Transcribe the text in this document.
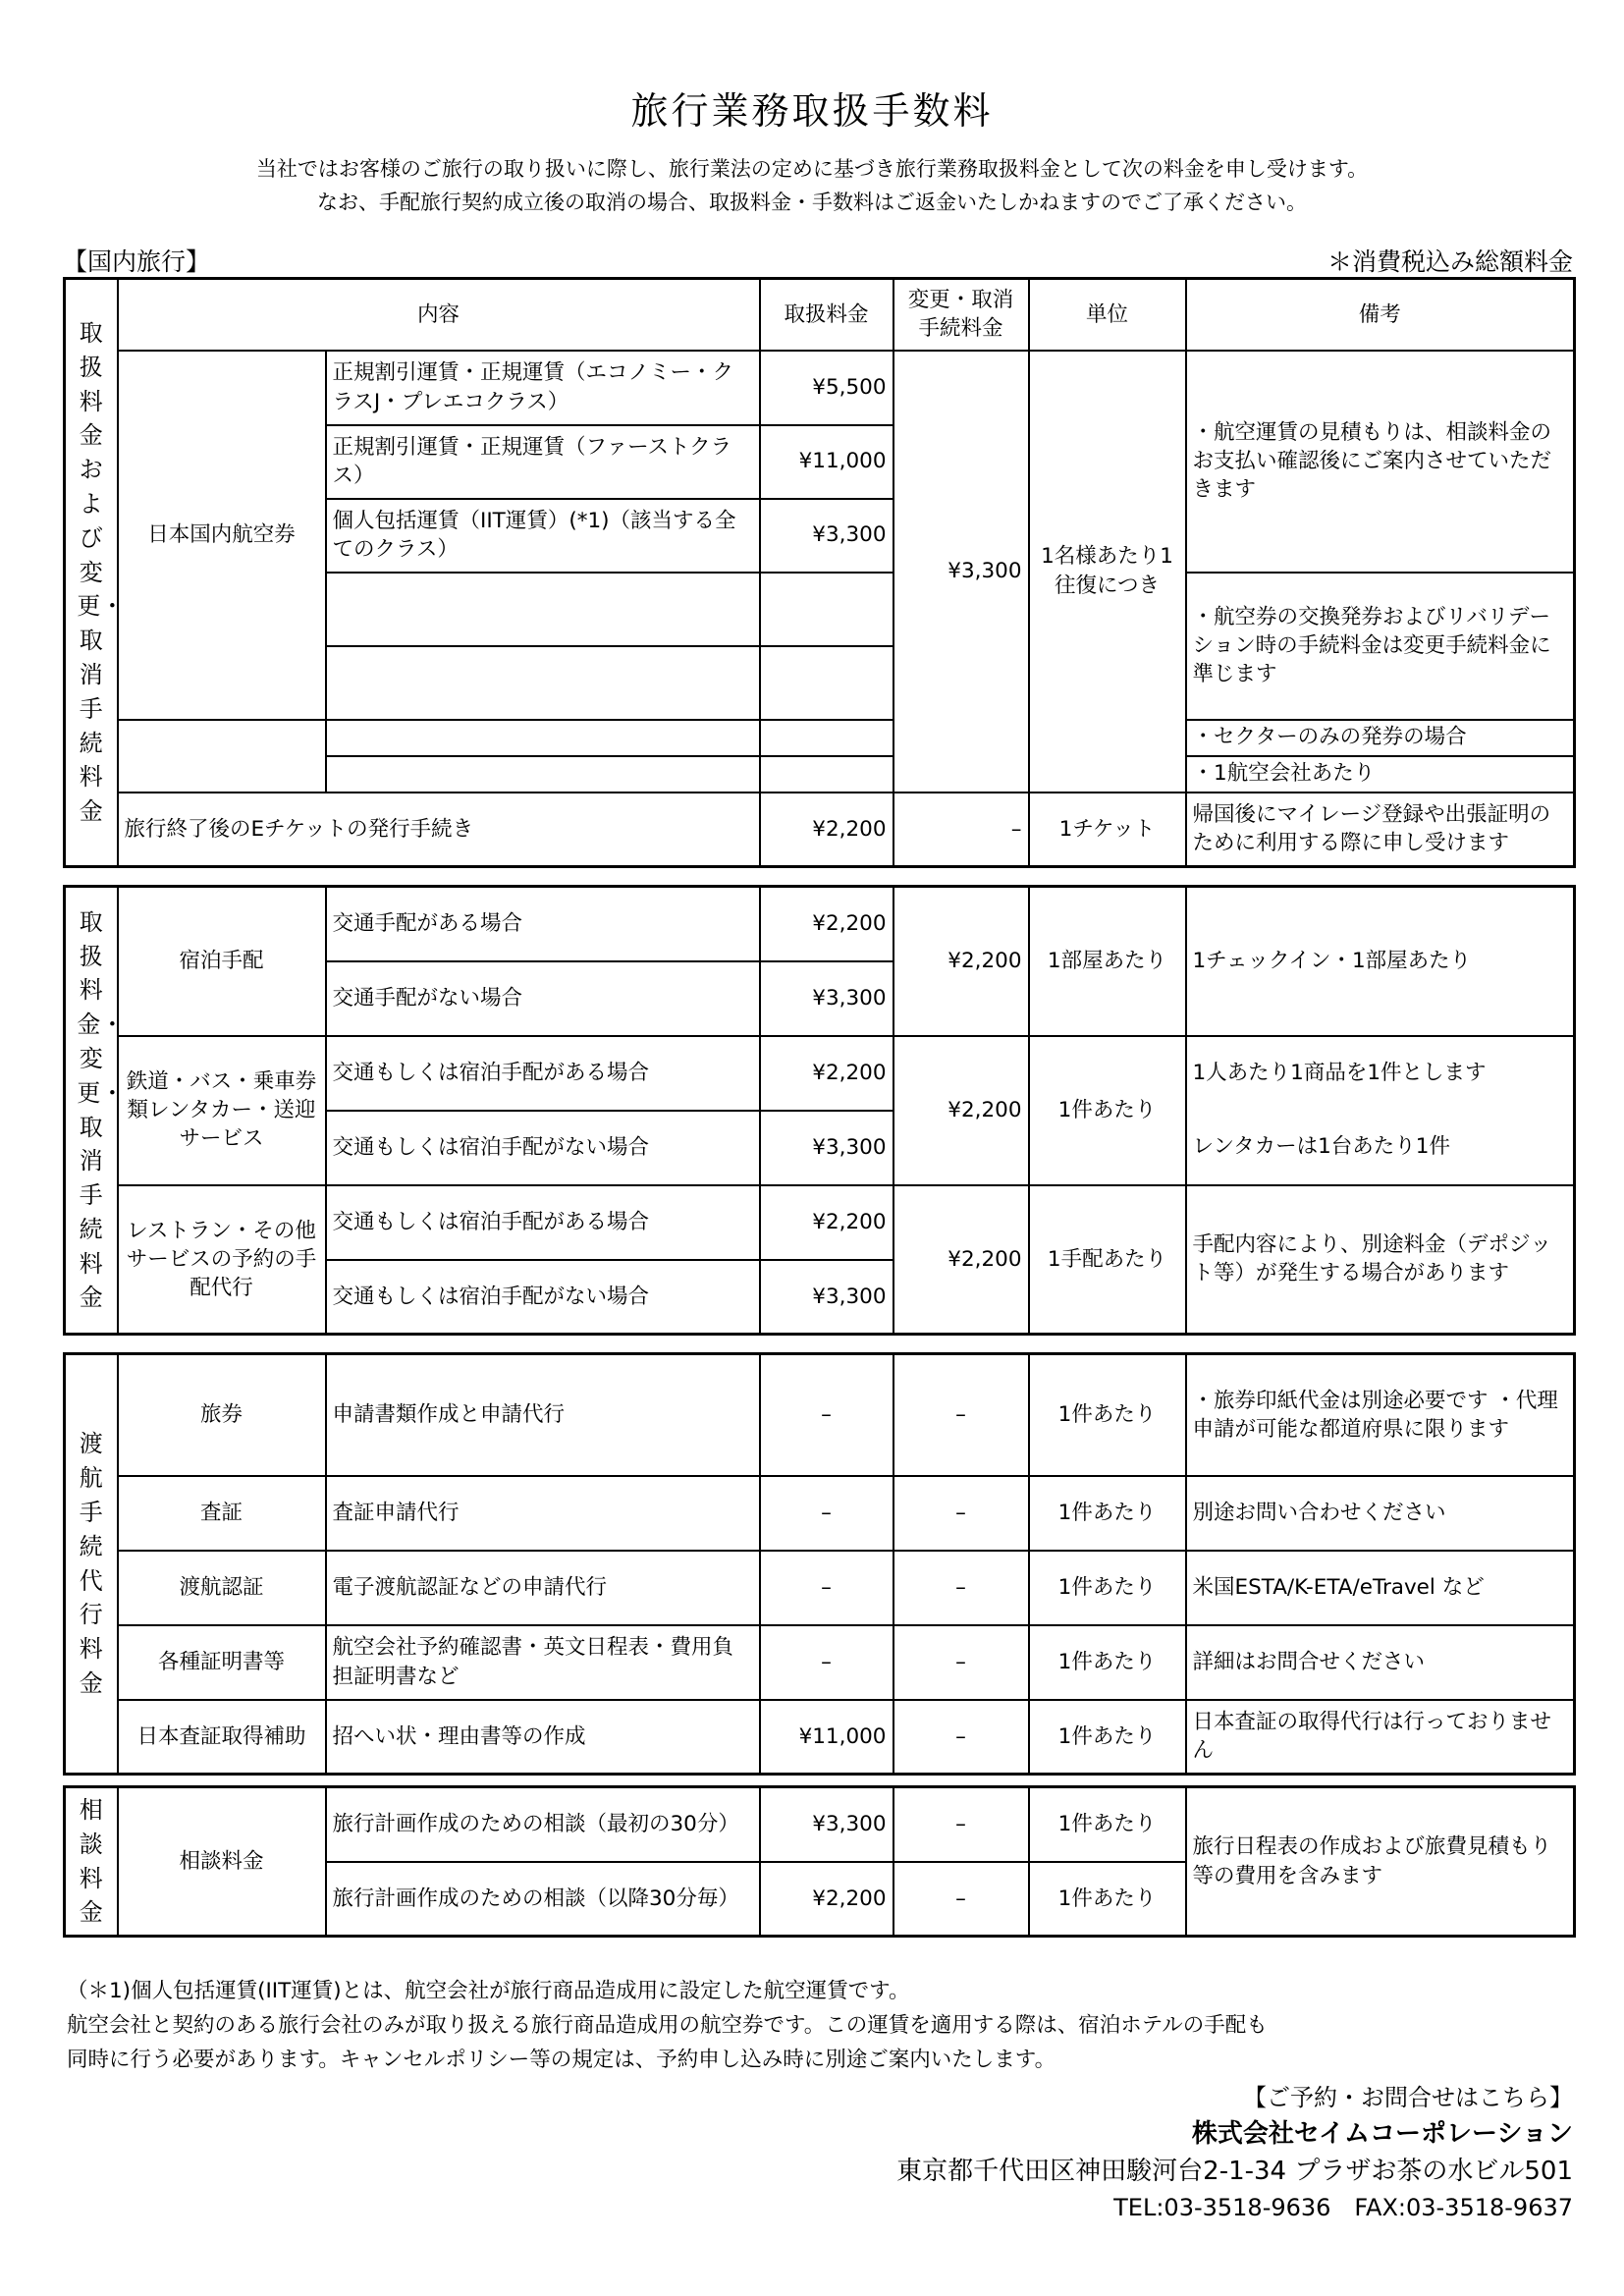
旅行業務取扱手数料
当社ではお客様のご旅行の取り扱いに際し、旅行業法の定めに基づき旅行業務取扱料金として次の料金を申し受けます。
なお、手配旅行契約成立後の取消の場合、取扱料金・手数料はご返金いたしかねますのでご了承ください。
【国内旅行】	＊消費税込み総額料金
取扱料金および変更・取消手続料金	内容		取扱料金	変更・取消手続料金	単位	備考
	日本国内航空券	正規割引運賃・正規運賃（エコノミー・クラスJ・プレエコクラス）	¥5,500	¥3,300	1名様あたり1往復につき	・航空運賃の見積もりは、相談料金のお支払い確認後にご案内させていただきます
		正規割引運賃・正規運賃（ファーストクラス）	¥11,000			
		個人包括運賃（IIT運賃）(*1)（該当する全てのクラス）	¥3,300			
						・航空券の交換発券およびリバリデーション時の手続料金は変更手続料金に準じます

						・セクターのみの発券の場合
						・1航空会社あたり
	旅行終了後のEチケットの発行手続き		¥2,200	–	1チケット	帰国後にマイレージ登録や出張証明のために利用する際に申し受けます
取扱料金・変更・取消手続料金	宿泊手配	交通手配がある場合	¥2,200	¥2,200	1部屋あたり	1チェックイン・1部屋あたり
		交通手配がない場合	¥3,300			
	鉄道・バス・乗車券類レンタカー・送迎サービス	交通もしくは宿泊手配がある場合	¥2,200	¥2,200	1件あたり	1人あたり1商品を1件とします
		交通もしくは宿泊手配がない場合	¥3,300			レンタカーは1台あたり1件
	レストラン・その他サービスの予約の手配代行	交通もしくは宿泊手配がある場合	¥2,200	¥2,200	1手配あたり	手配内容により、別途料金（デポジット等）が発生する場合があります
		交通もしくは宿泊手配がない場合	¥3,300			
渡航手続代行料金	旅券	申請書類作成と申請代行	–	–	1件あたり	・旅券印紙代金は別途必要です ・代理申請が可能な都道府県に限ります
	査証	査証申請代行	–	–	1件あたり	別途お問い合わせください
	渡航認証	電子渡航認証などの申請代行	–	–	1件あたり	米国ESTA/K-ETA/eTravel など
	各種証明書等	航空会社予約確認書・英文日程表・費用負担証明書など	–	–	1件あたり	詳細はお問合せください
	日本査証取得補助	招へい状・理由書等の作成	¥11,000	–	1件あたり	日本査証の取得代行は行っておりません
相談料金	相談料金	旅行計画作成のための相談（最初の30分）	¥3,300	–	1件あたり	旅行日程表の作成および旅費見積もり等の費用を含みます
		旅行計画作成のための相談（以降30分毎）	¥2,200	–	1件あたり	
（＊1)個人包括運賃(IIT運賃)とは、航空会社が旅行商品造成用に設定した航空運賃です。
航空会社と契約のある旅行会社のみが取り扱える旅行商品造成用の航空券です。この運賃を適用する際は、宿泊ホテルの手配も
同時に行う必要があります。キャンセルポリシー等の規定は、予約申し込み時に別途ご案内いたします。
【ご予約・お問合せはこちら】
株式会社セイムコーポレーション
東京都千代田区神田駿河台2-1-34 プラザお茶の水ビル501
TEL:03-3518-9636　FAX:03-3518-9637
